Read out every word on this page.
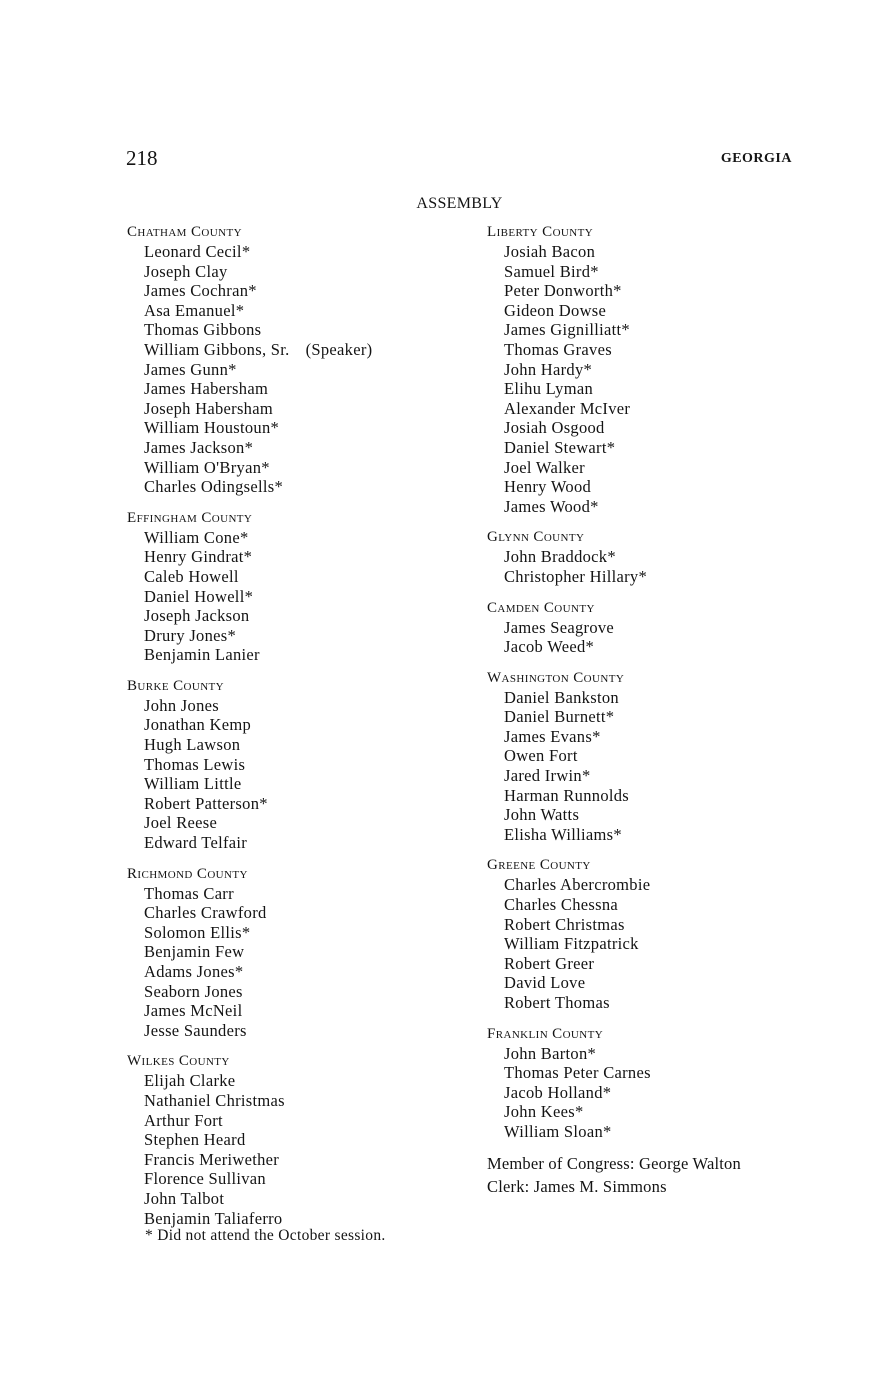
218	GEORGIA
ASSEMBLY
Chatham County
Leonard Cecil*
Joseph Clay
James Cochran*
Asa Emanuel*
Thomas Gibbons
William Gibbons, Sr. (Speaker)
James Gunn*
James Habersham
Joseph Habersham
William Houstoun*
James Jackson*
William O'Bryan*
Charles Odingsells*
Effingham County
William Cone*
Henry Gindrat*
Caleb Howell
Daniel Howell*
Joseph Jackson
Drury Jones*
Benjamin Lanier
Burke County
John Jones
Jonathan Kemp
Hugh Lawson
Thomas Lewis
William Little
Robert Patterson*
Joel Reese
Edward Telfair
Richmond County
Thomas Carr
Charles Crawford
Solomon Ellis*
Benjamin Few
Adams Jones*
Seaborn Jones
James McNeil
Jesse Saunders
Wilkes County
Elijah Clarke
Nathaniel Christmas
Arthur Fort
Stephen Heard
Francis Meriwether
Florence Sullivan
John Talbot
Benjamin Taliaferro
Liberty County
Josiah Bacon
Samuel Bird*
Peter Donworth*
Gideon Dowse
James Gignilliatt*
Thomas Graves
John Hardy*
Elihu Lyman
Alexander McIver
Josiah Osgood
Daniel Stewart*
Joel Walker
Henry Wood
James Wood*
Glynn County
John Braddock*
Christopher Hillary*
Camden County
James Seagrove
Jacob Weed*
Washington County
Daniel Bankston
Daniel Burnett*
James Evans*
Owen Fort
Jared Irwin*
Harman Runnolds
John Watts
Elisha Williams*
Greene County
Charles Abercrombie
Charles Chessna
Robert Christmas
William Fitzpatrick
Robert Greer
David Love
Robert Thomas
Franklin County
John Barton*
Thomas Peter Carnes
Jacob Holland*
John Kees*
William Sloan*
Member of Congress: George Walton
Clerk: James M. Simmons
* Did not attend the October session.
